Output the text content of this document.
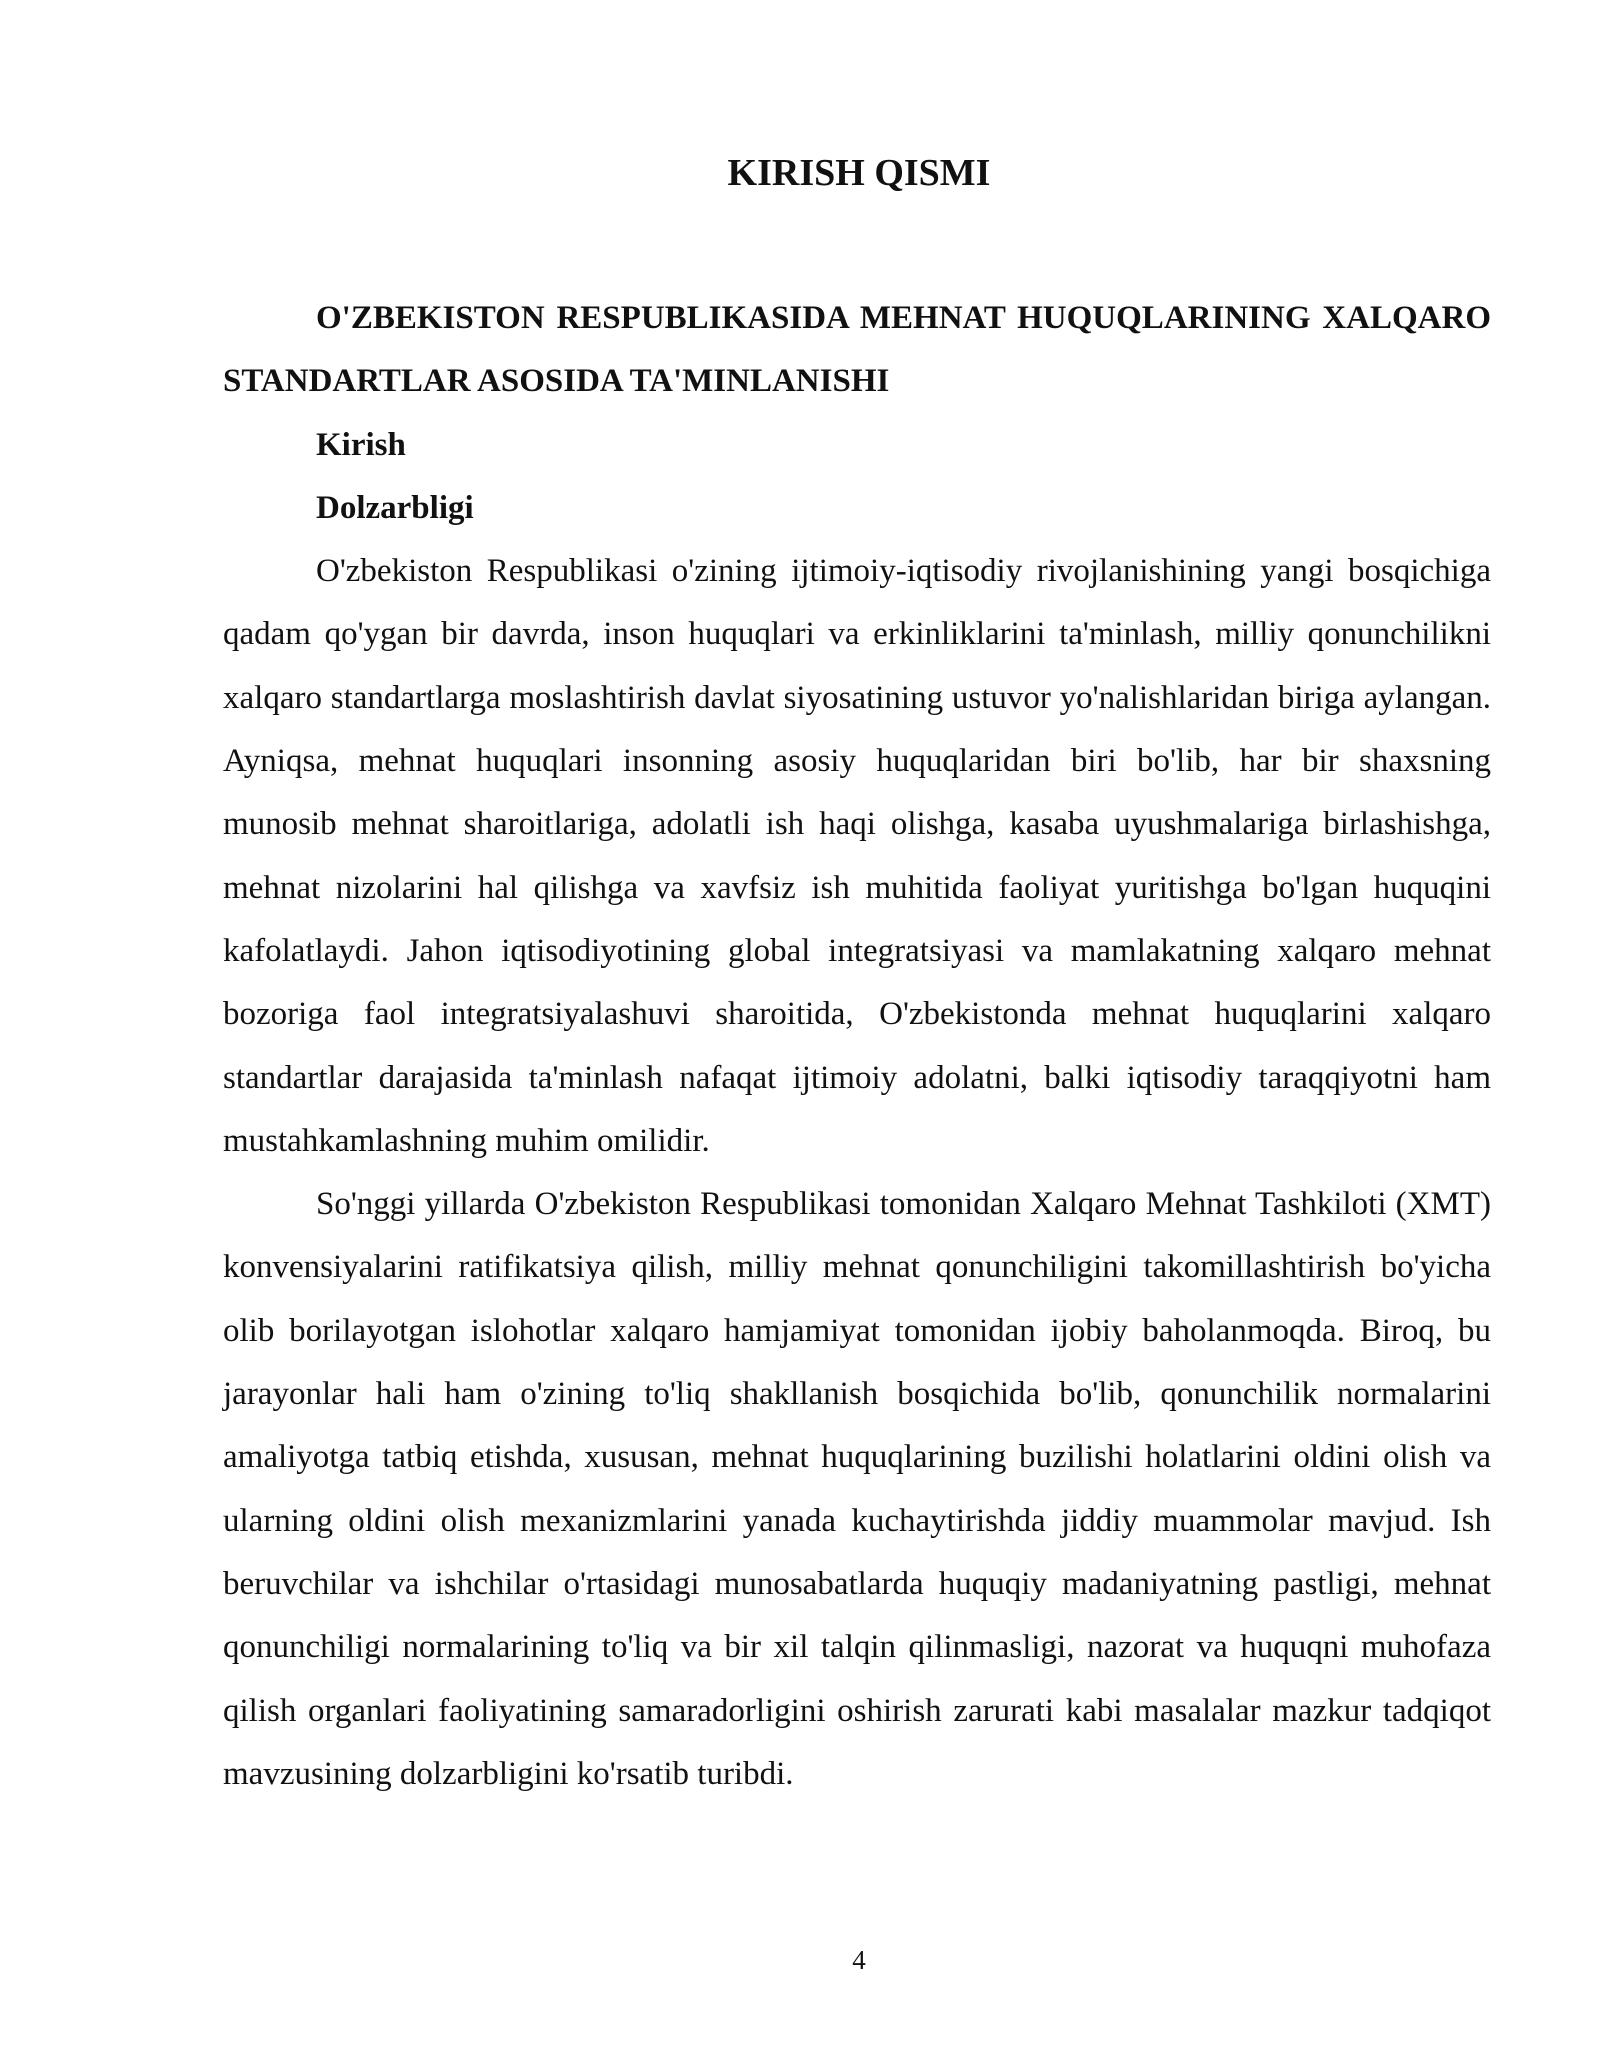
KIRISH QISMI

O'ZBEKISTON RESPUBLIKASIDA MEHNAT HUQUQLARINING XALQARO STANDARTLAR ASOSIDA TA'MINLANISHI

Kirish

Dolzarbligi

O'zbekiston Respublikasi o'zining ijtimoiy-iqtisodiy rivojlanishining yangi bosqichiga qadam qo'ygan bir davrda, inson huquqlari va erkinliklarini ta'minlash, milliy qonunchilikni xalqaro standartlarga moslashtirish davlat siyosatining ustuvor yo'nalishlaridan biriga aylangan. Ayniqsa, mehnat huquqlari insonning asosiy huquqlaridan biri bo'lib, har bir shaxsning munosib mehnat sharoitlariga, adolatli ish haqi olishga, kasaba uyushmalariga birlashishga, mehnat nizolarini hal qilishga va xavfsiz ish muhitida faoliyat yuritishga bo'lgan huquqini kafolatlaydi. Jahon iqtisodiyotining global integratsiyasi va mamlakatning xalqaro mehnat bozoriga faol integratsiyalashuvi sharoitida, O'zbekistonda mehnat huquqlarini xalqaro standartlar darajasida ta'minlash nafaqat ijtimoiy adolatni, balki iqtisodiy taraqqiyotni ham mustahkamlashning muhim omilidir.

So'nggi yillarda O'zbekiston Respublikasi tomonidan Xalqaro Mehnat Tashkiloti (XMT) konvensiyalarini ratifikatsiya qilish, milliy mehnat qonunchiligini takomillashtirish bo'yicha olib borilayotgan islohotlar xalqaro hamjamiyat tomonidan ijobiy baholanmoqda. Biroq, bu jarayonlar hali ham o'zining to'liq shakllanish bosqichida bo'lib, qonunchilik normalarini amaliyotga tatbiq etishda, xususan, mehnat huquqlarining buzilishi holatlarini oldini olish va ularning oldini olish mexanizmlarini yanada kuchaytirishda jiddiy muammolar mavjud. Ish beruvchilar va ishchilar o'rtasidagi munosabatlarda huquqiy madaniyatning pastligi, mehnat qonunchiligi normalarining to'liq va bir xil talqin qilinmasligi, nazorat va huquqni muhofaza qilish organlari faoliyatining samaradorligini oshirish zarurati kabi masalalar mazkur tadqiqot mavzusining dolzarbligini ko'rsatib turibdi.

4
